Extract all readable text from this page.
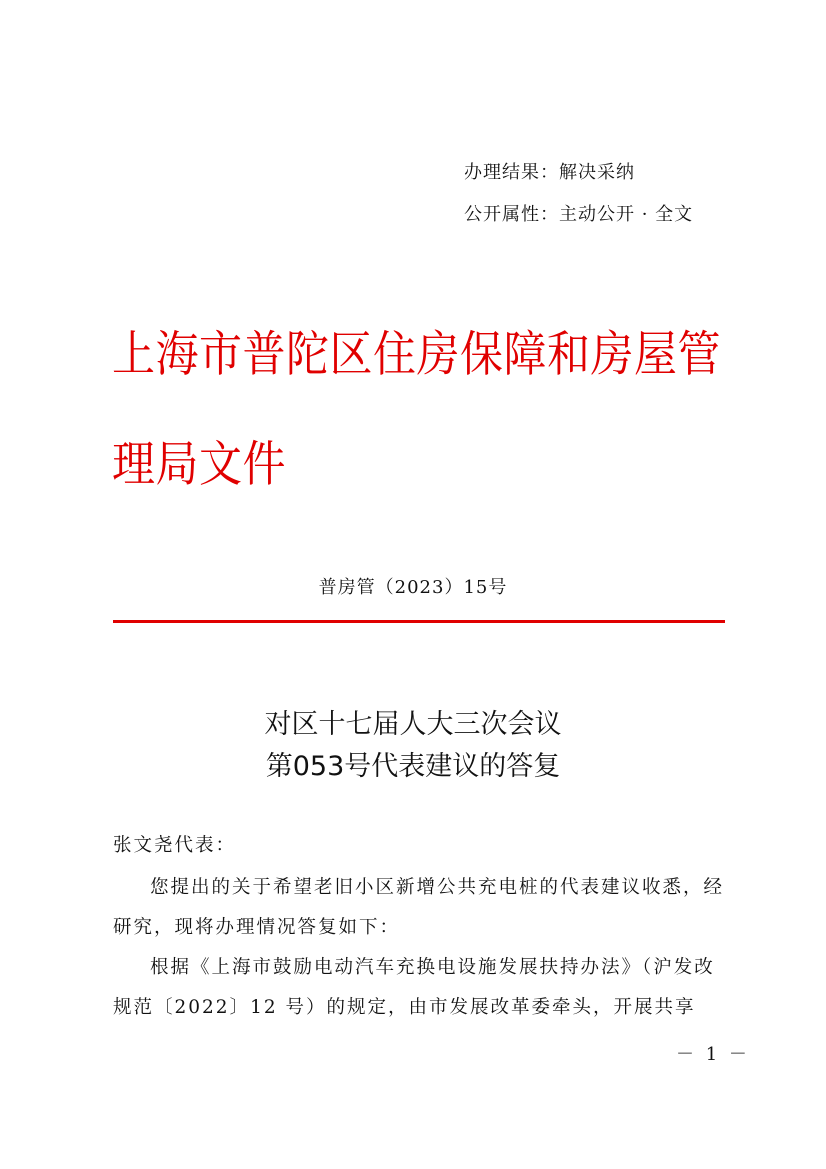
办理结果：解决采纳
公开属性：主动公开 · 全文
上海市普陀区住房保障和房屋管理局文件
普房管（2023）15号
对区十七届人大三次会议
第053号代表建议的答复
张文尧代表：
您提出的关于希望老旧小区新增公共充电桩的代表建议收悉，经研究，现将办理情况答复如下：
根据《上海市鼓励电动汽车充换电设施发展扶持办法》（沪发改规范〔2022〕12 号）的规定，由市发展改革委牵头，开展共享
－ 1 －
